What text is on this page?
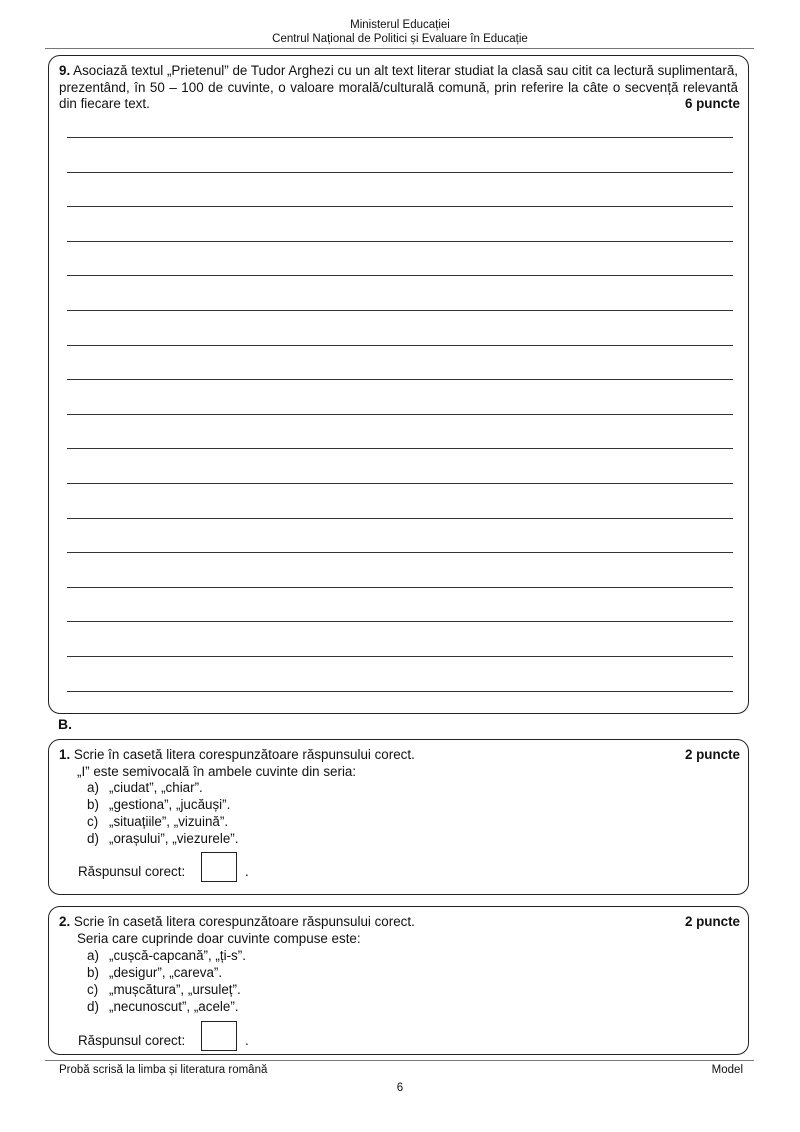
Ministerul Educației
Centrul Național de Politici și Evaluare în Educație
9. Asociază textul „Prietenul” de Tudor Arghezi cu un alt text literar studiat la clasă sau citit ca lectură suplimentară, prezentând, în 50 – 100 de cuvinte, o valoare morală/culturală comună, prin referire la câte o secvență relevantă din fiecare text.	6 puncte
B.
1. Scrie în casetă litera corespunzătoare răspunsului corect.	2 puncte
„I” este semivocală în ambele cuvinte din seria:
a) „ciudat”, „chiar”.
b) „gestiona”, „jucăuși”.
c) „situațiile”, „vizuină”.
d) „orașului”, „viezurele”.
Răspunsul corect:	.
2. Scrie în casetă litera corespunzătoare răspunsului corect.	2 puncte
Seria care cuprinde doar cuvinte compuse este:
a) „cușcă-capcană”, „ți-s”.
b) „desigur”, „careva”.
c) „mușcătura”, „ursuleț”.
d) „necunoscut”, „acele”.
Răspunsul corect:	.
Probă scrisă la limba și literatura română	Model
6
